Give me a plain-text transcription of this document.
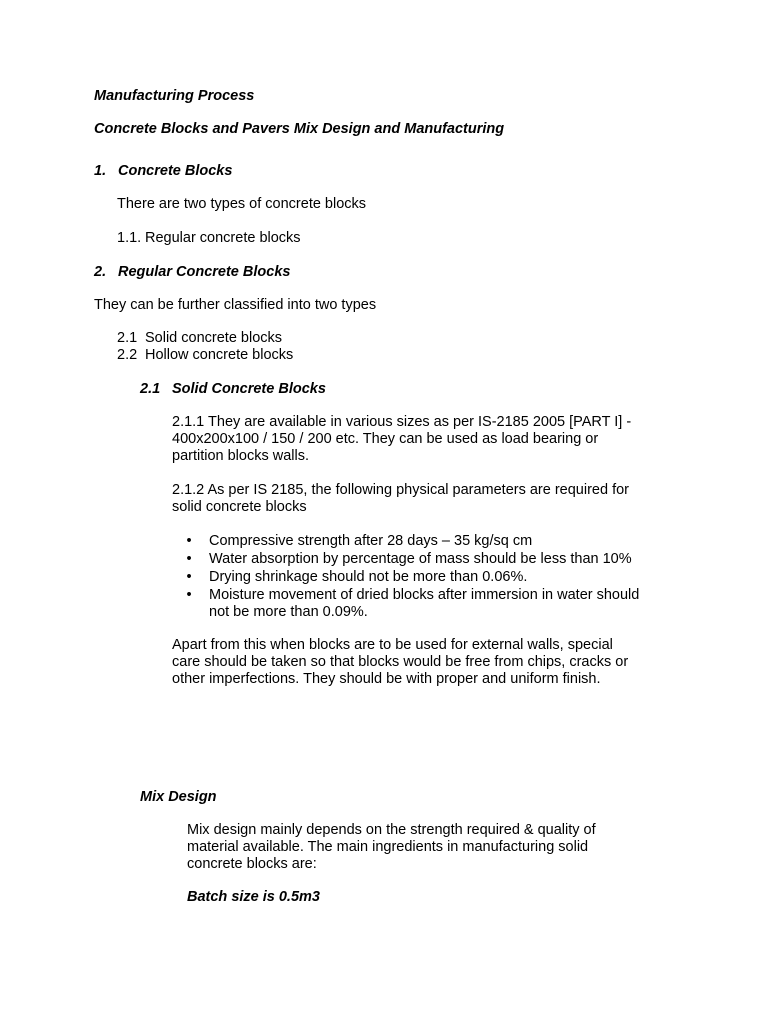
Manufacturing Process
Concrete Blocks and Pavers Mix Design and Manufacturing
1. Concrete Blocks
There are two types of concrete blocks
1.1. Regular concrete blocks
2. Regular Concrete Blocks
They can be further classified into two types
2.1 Solid concrete blocks
2.2 Hollow concrete blocks
2.1 Solid Concrete Blocks
2.1.1 They are available in various sizes as per IS-2185 2005 [PART I] -
400x200x100 / 150 / 200 etc. They can be used as load bearing or
partition blocks walls.
2.1.2 As per IS 2185, the following physical parameters are required for
solid concrete blocks
• Compressive strength after 28 days – 35 kg/sq cm
• Water absorption by percentage of mass should be less than 10%
• Drying shrinkage should not be more than 0.06%.
• Moisture movement of dried blocks after immersion in water should
not be more than 0.09%.
Apart from this when blocks are to be used for external walls, special
care should be taken so that blocks would be free from chips, cracks or
other imperfections. They should be with proper and uniform finish.
Mix Design
Mix design mainly depends on the strength required & quality of
material available. The main ingredients in manufacturing solid
concrete blocks are:
Batch size is 0.5m3
